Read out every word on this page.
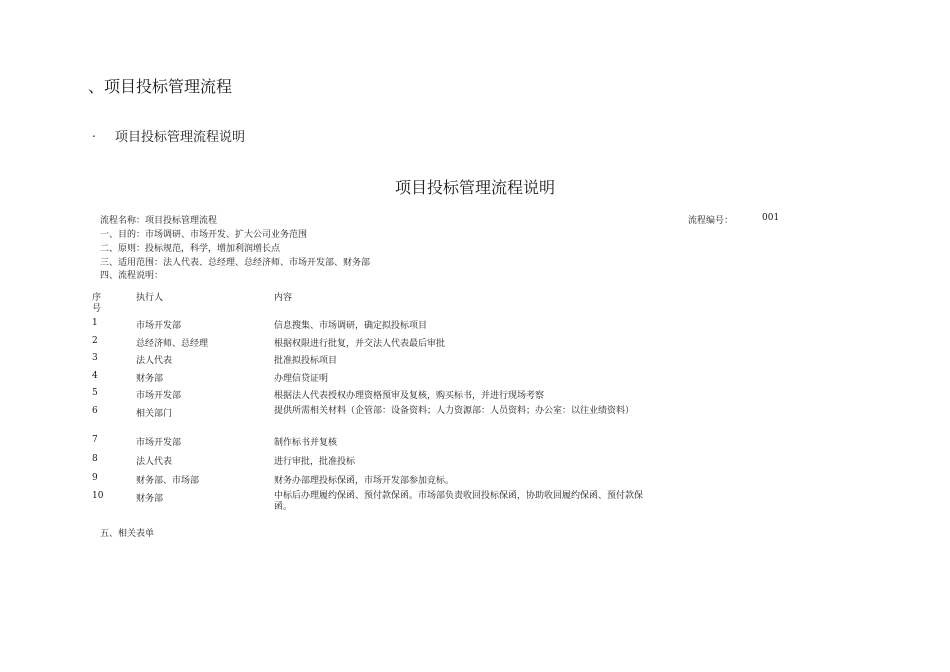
、项目投标管理流程
. 项目投标管理流程说明
项目投标管理流程说明
流程名称：项目投标管理流程	流程编号：	001
一、目的：市场调研、市场开发、扩大公司业务范围
二、原则：投标规范，科学，增加利润增长点
三、适用范围：法人代表、总经理、总经济师、市场开发部、财务部
四、流程说明：
序
号
执行人	内容
1	市场开发部	信息搜集、市场调研，确定拟投标项目
2	总经济师、总经理	根据权限进行批复，并交法人代表最后审批
3	法人代表	批准拟投标项目
4	财务部	办理信贷证明
5	市场开发部	根据法人代表授权办理资格预审及复核，购买标书，并进行现场考察
6	相关部门	提供所需相关材料（企管部：设备资料；人力资源部：人员资料；办公室：以往业绩资料）
7	市场开发部	制作标书并复核
8	法人代表	进行审批，批准投标
9	财务部、市场部	财务办部理投标保函，市场开发部参加竞标。
10	财务部	中标后办理履约保函、预付款保函。市场部负责收回投标保函，协助收回履约保函、预付款保函。
五、相关表单
